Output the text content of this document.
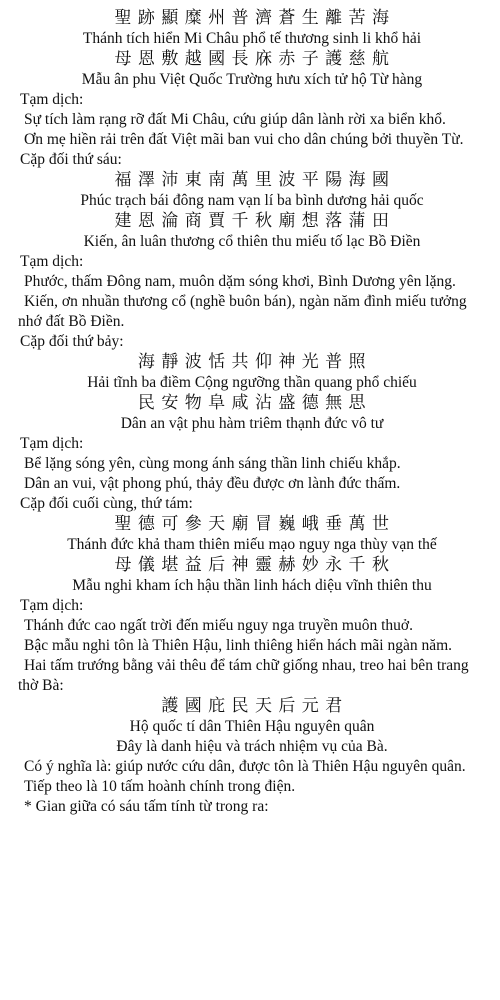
聖 跡 顯 糜 州 普 濟 蒼 生 離 苦 海

Thánh tích hiển Mi Châu phổ tế thương sinh li khổ hải

母 恩 敷 越 國 長 庥 赤 子 護 慈 航

Mẫu ân phu Việt Quốc Trường hưu xích tử hộ Từ hàng

Tạm dịch:

Sự tích làm rạng rỡ đất Mi Châu, cứu giúp dân lành rời xa biển khổ.

Ơn mẹ hiền rải trên đất Việt mãi ban vui cho dân chúng bởi thuyền Từ.

Cặp đối thứ sáu:

福 澤 沛 東 南 萬 里 波 平 陽 海 國

Phúc trạch bái đông nam vạn lí ba bình dương hải quốc

建 恩 淪 商 賈 千 秋 廟 想 落 蒲 田

Kiến, ân luân thương cổ thiên thu miếu tố lạc Bồ Điền

Tạm dịch:

Phước, thấm Đông nam, muôn dặm sóng khơi, Bình Dương yên lặng.

Kiến, ơn nhuần thương cổ (nghề buôn bán), ngàn năm đình miếu tưởng nhớ đất Bồ Điền.

Cặp đối thứ bảy:

海 靜 波 恬 共 仰 神 光 普 照

Hải tĩnh ba điềm Cộng ngưỡng thần quang phổ chiếu

民 安 物 阜 咸 沾 盛 德 無 思

Dân an vật phu hàm triêm thạnh đức vô tư

Tạm dịch:

Bể lặng sóng yên, cùng mong ánh sáng thần linh chiếu khắp.

Dân an vui, vật phong phú, thảy đều được ơn lành đức thấm.

Cặp đối cuối cùng, thứ tám:

聖 德 可 參 天 廟 冒 巍 峨 垂 萬 世

Thánh đức khả tham thiên miếu mạo nguy nga thùy vạn thế

母 儀 堪 益 后 神 靈 赫 妙 永 千 秋

Mẫu nghi kham ích hậu thần linh hách diệu vĩnh thiên thu

Tạm dịch:

Thánh đức cao ngất trời đến miếu nguy nga truyền muôn thuở.

Bậc mẫu nghi tôn là Thiên Hậu, linh thiêng hiển hách mãi ngàn năm.

Hai tấm trướng bằng vải thêu để tám chữ giống nhau, treo hai bên trang thờ Bà:

護 國 庇 民 天 后 元 君

Hộ quốc tí dân Thiên Hậu nguyên quân

Đây là danh hiệu và trách nhiệm vụ của Bà.

Có ý nghĩa là: giúp nước cứu dân, được tôn là Thiên Hậu nguyên quân.

Tiếp theo là 10 tấm hoành chính trong điện.

* Gian giữa có sáu tấm tính từ trong ra:
